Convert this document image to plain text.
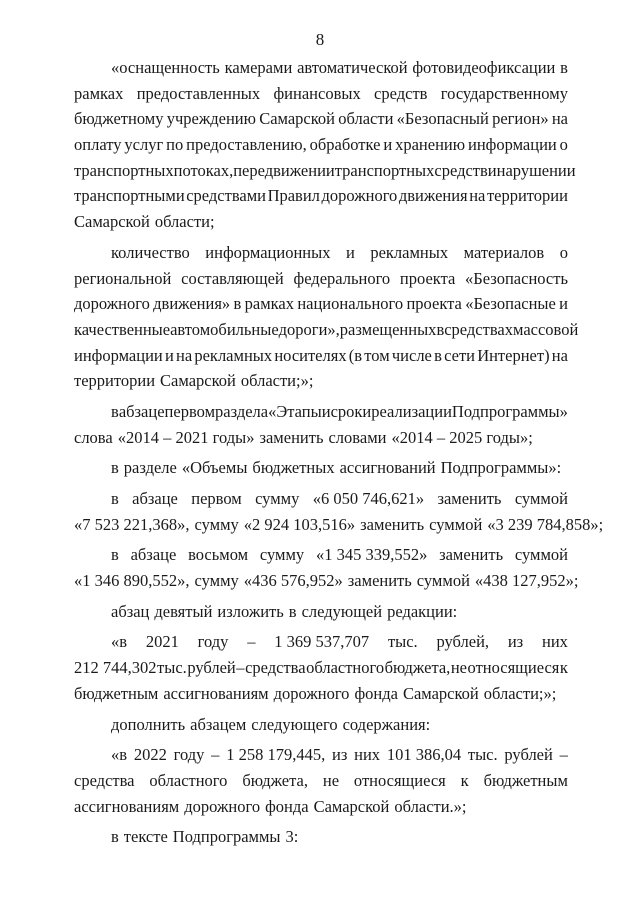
8
«оснащенность камерами автоматической фотовидеофиксации в
рамках предоставленных финансовых средств государственному
бюджетному учреждению Самарской области «Безопасный регион» на
оплату услуг по предоставлению, обработке и хранению информации о
транспортных потоках, передвижении транспортных средств и нарушении
транспортными средствами Правил дорожного движения на территории
Самарской области;
количество информационных и рекламных материалов о
региональной составляющей федерального проекта «Безопасность
дорожного движения» в рамках национального проекта «Безопасные и
качественные автомобильные дороги», размещенных в средствах массовой
информации и на рекламных носителях (в том числе в сети Интернет) на
территории Самарской области;»;
в абзаце первом раздела «Этапы и сроки реализации Подпрограммы»
слова «2014 – 2021 годы» заменить словами «2014 – 2025 годы»;
в разделе «Объемы бюджетных ассигнований Подпрограммы»:
в абзаце первом сумму «6 050 746,621» заменить суммой
«7 523 221,368», сумму «2 924 103,516» заменить суммой «3 239 784,858»;
в абзаце восьмом сумму «1 345 339,552» заменить суммой
«1 346 890,552», сумму «436 576,952» заменить суммой «438 127,952»;
абзац девятый изложить в следующей редакции:
«в 2021 году – 1 369 537,707 тыс. рублей, из них
212 744,302 тыс. рублей – средства областного бюджета, не относящиеся к
бюджетным ассигнованиям дорожного фонда Самарской области;»;
дополнить абзацем следующего содержания:
«в 2022 году – 1 258 179,445, из них 101 386,04 тыс. рублей –
средства областного бюджета, не относящиеся к бюджетным
ассигнованиям дорожного фонда Самарской области.»;
в тексте Подпрограммы 3:
